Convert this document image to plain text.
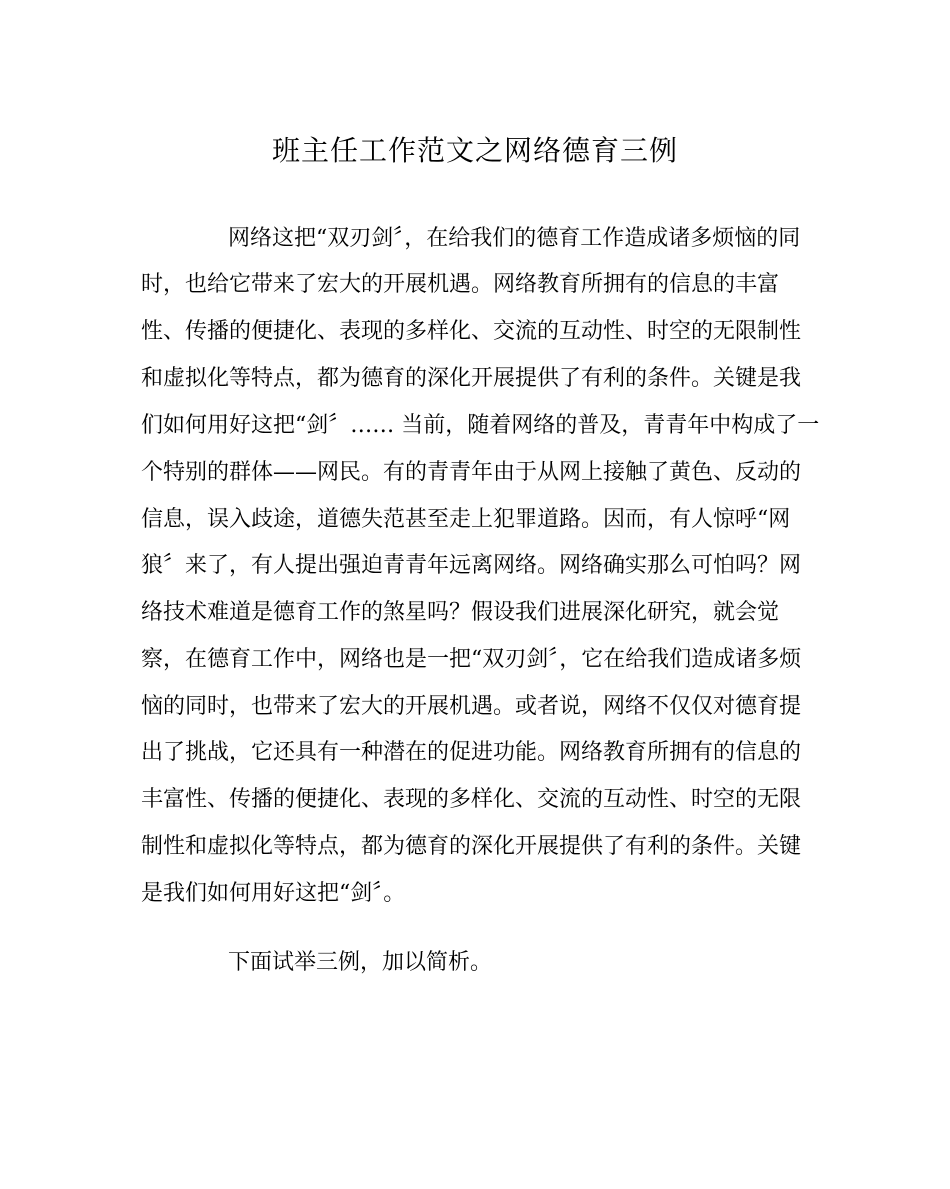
班主任工作范文之网络德育三例
网络这把“双刃剑〞，在给我们的德育工作造成诸多烦恼的同
时，也给它带来了宏大的开展机遇。网络教育所拥有的信息的丰富
性、传播的便捷化、表现的多样化、交流的互动性、时空的无限制性
和虚拟化等特点，都为德育的深化开展提供了有利的条件。关键是我
们如何用好这把“剑〞…… 当前，随着网络的普及，青青年中构成了一
个特别的群体——网民。有的青青年由于从网上接触了黄色、反动的
信息，误入歧途，道德失范甚至走上犯罪道路。因而，有人惊呼“网
狼〞来了，有人提出强迫青青年远离网络。网络确实那么可怕吗？网
络技术难道是德育工作的煞星吗？假设我们进展深化研究，就会觉
察，在德育工作中，网络也是一把“双刃剑〞，它在给我们造成诸多烦
恼的同时，也带来了宏大的开展机遇。或者说，网络不仅仅对德育提
出了挑战，它还具有一种潜在的促进功能。网络教育所拥有的信息的
丰富性、传播的便捷化、表现的多样化、交流的互动性、时空的无限
制性和虚拟化等特点，都为德育的深化开展提供了有利的条件。关键
是我们如何用好这把“剑〞。
下面试举三例，加以简析。
